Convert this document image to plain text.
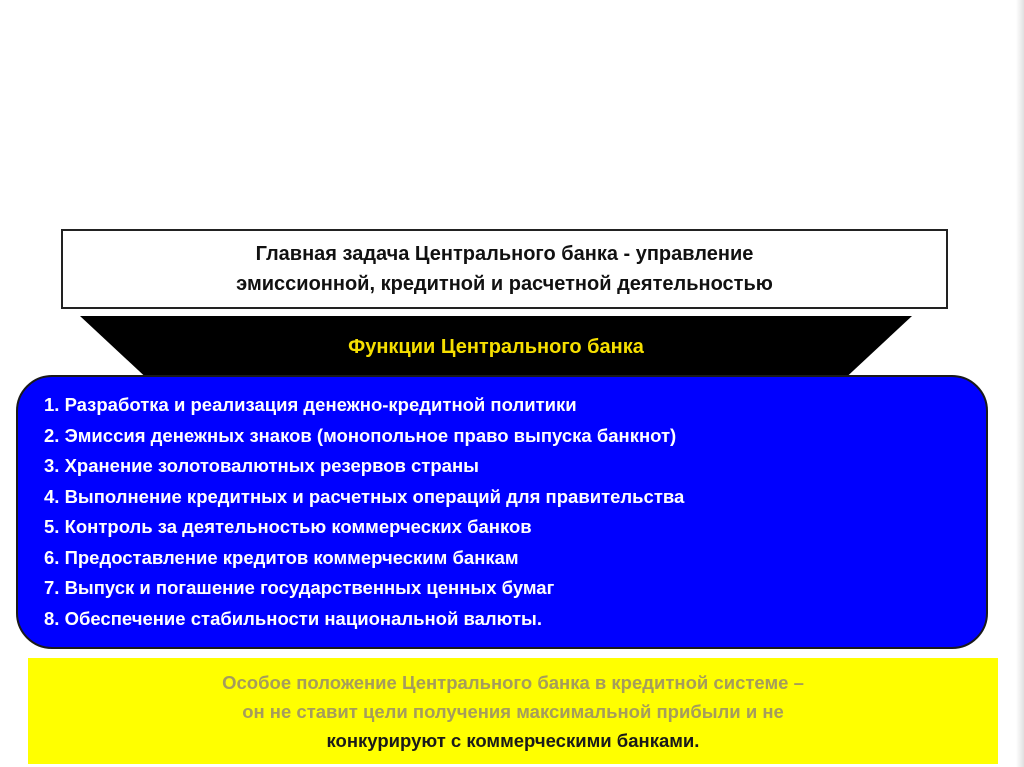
Главная задача Центрального банка - управление
эмиссионной, кредитной и расчетной деятельностью
Функции Центрального банка
1. Разработка и реализация денежно-кредитной политики
2. Эмиссия денежных знаков (монопольное право выпуска банкнот)
3. Хранение золотовалютных резервов страны
4. Выполнение кредитных и расчетных операций для правительства
5. Контроль за деятельностью коммерческих банков
6. Предоставление кредитов коммерческим банкам
7. Выпуск и погашение государственных ценных бумаг
8. Обеспечение стабильности национальной валюты.
Особое положение Центрального банка в кредитной системе –
он не ставит цели получения максимальной прибыли и не
конкурируют с коммерческими банками.
